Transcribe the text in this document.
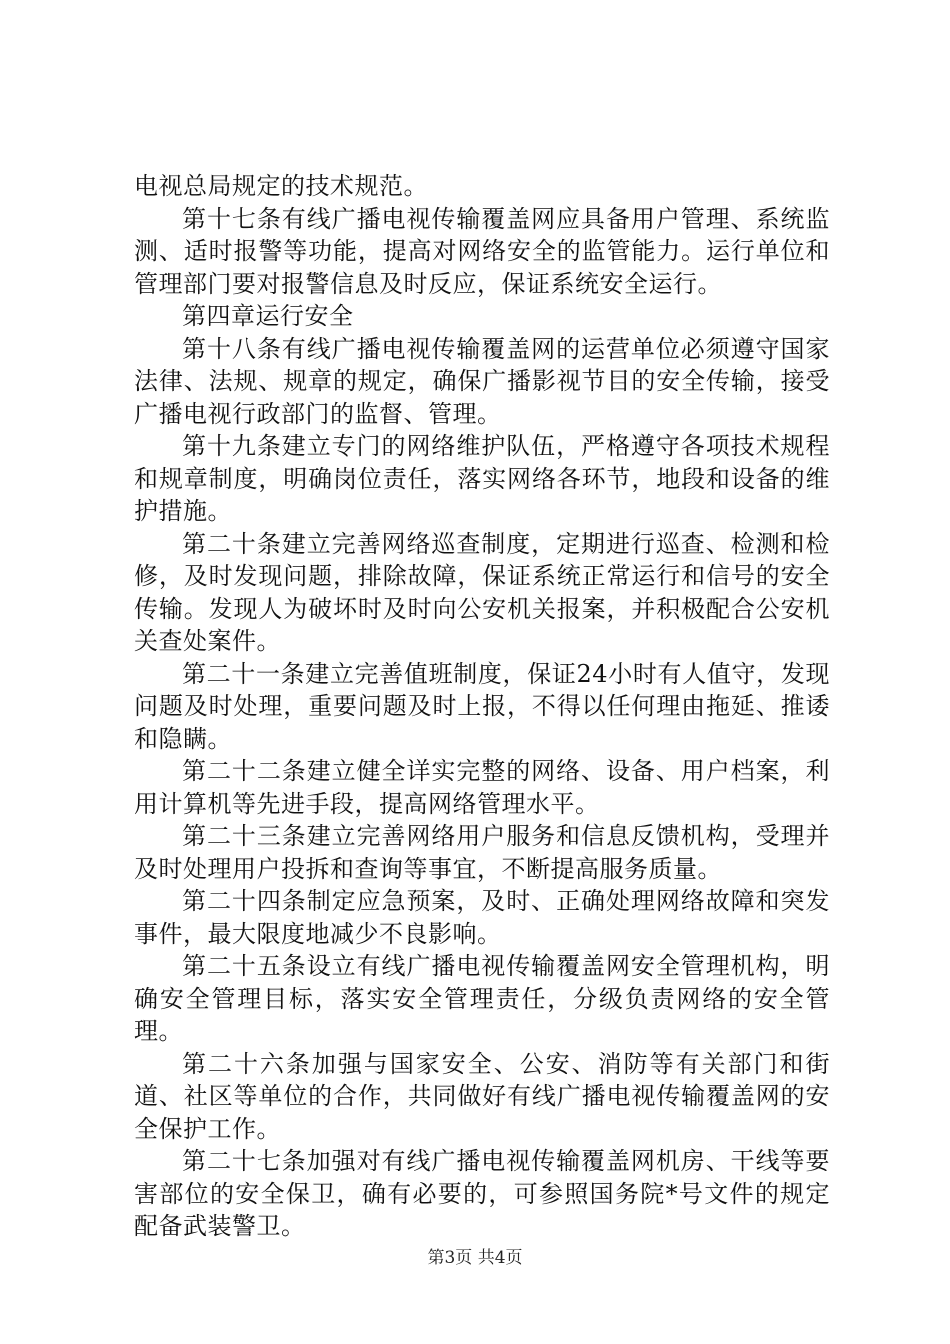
电视总局规定的技术规范。

第十七条有线广播电视传输覆盖网应具备用户管理、系统监测、适时报警等功能，提高对网络安全的监管能力。运行单位和管理部门要对报警信息及时反应，保证系统安全运行。

第四章运行安全

第十八条有线广播电视传输覆盖网的运营单位必须遵守国家法律、法规、规章的规定，确保广播影视节目的安全传输，接受广播电视行政部门的监督、管理。

第十九条建立专门的网络维护队伍，严格遵守各项技术规程和规章制度，明确岗位责任，落实网络各环节，地段和设备的维护措施。

第二十条建立完善网络巡查制度，定期进行巡查、检测和检修，及时发现问题，排除故障，保证系统正常运行和信号的安全传输。发现人为破坏时及时向公安机关报案，并积极配合公安机关查处案件。

第二十一条建立完善值班制度，保证24小时有人值守，发现问题及时处理，重要问题及时上报，不得以任何理由拖延、推诿和隐瞒。

第二十二条建立健全详实完整的网络、设备、用户档案，利用计算机等先进手段，提高网络管理水平。

第二十三条建立完善网络用户服务和信息反馈机构，受理并及时处理用户投拆和查询等事宜，不断提高服务质量。

第二十四条制定应急预案，及时、正确处理网络故障和突发事件，最大限度地减少不良影响。

第二十五条设立有线广播电视传输覆盖网安全管理机构，明确安全管理目标，落实安全管理责任，分级负责网络的安全管理。

第二十六条加强与国家安全、公安、消防等有关部门和街道、社区等单位的合作，共同做好有线广播电视传输覆盖网的安全保护工作。

第二十七条加强对有线广播电视传输覆盖网机房、干线等要害部位的安全保卫，确有必要的，可参照国务院*号文件的规定配备武装警卫。

第3页 共4页
